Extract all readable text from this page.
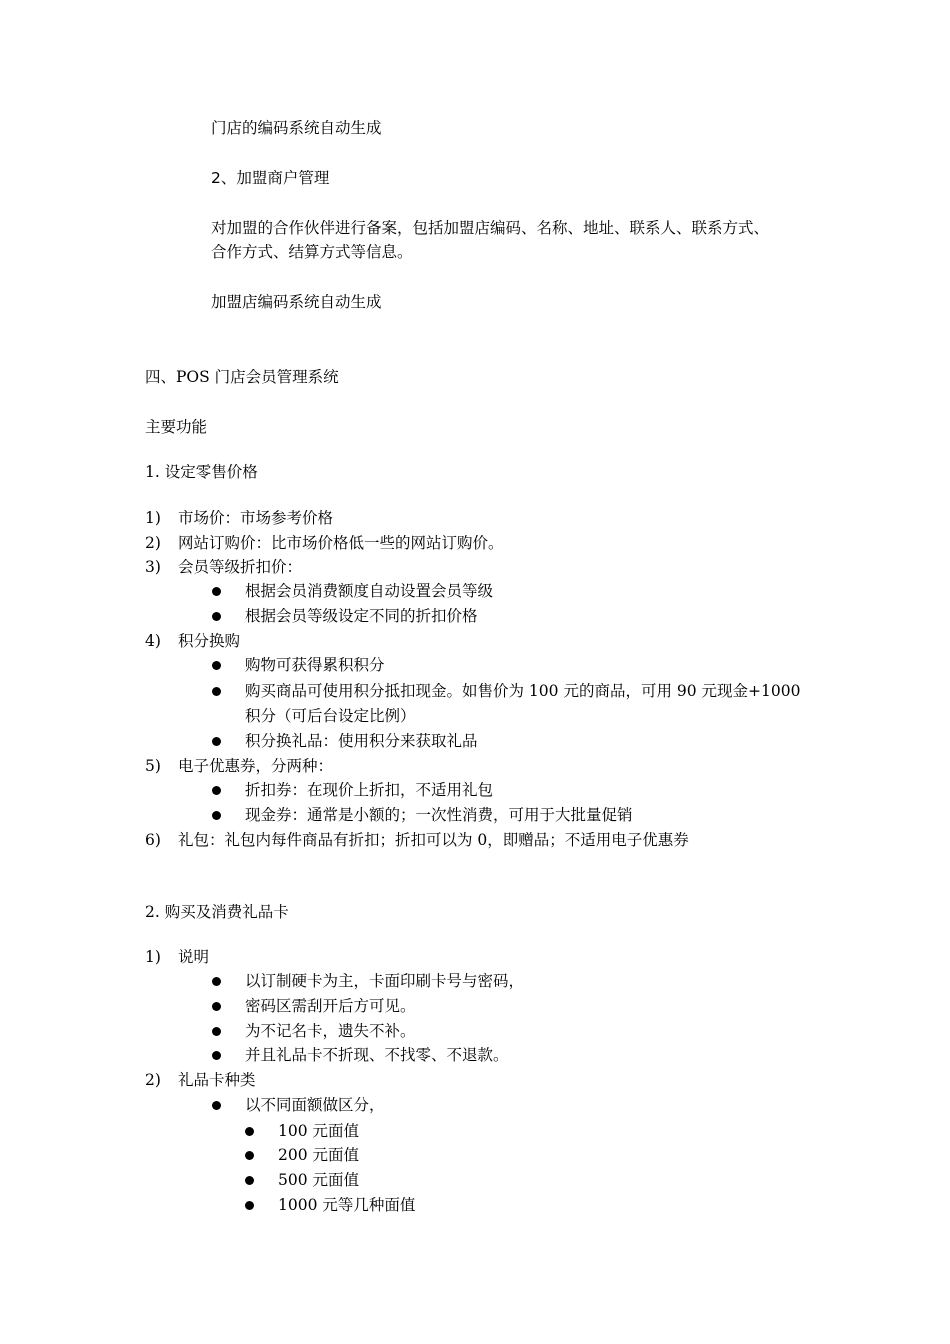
门店的编码系统自动生成
2、加盟商户管理
对加盟的合作伙伴进行备案，包括加盟店编码、名称、地址、联系人、联系方式、
合作方式、结算方式等信息。
加盟店编码系统自动生成
四、POS 门店会员管理系统
主要功能
1. 设定零售价格
1) 市场价：市场参考价格
2) 网站订购价：比市场价格低一些的网站订购价。
3) 会员等级折扣价：
根据会员消费额度自动设置会员等级
根据会员等级设定不同的折扣价格
4) 积分换购
购物可获得累积积分
购买商品可使用积分抵扣现金。如售价为 100 元的商品，可用 90 元现金+1000
积分（可后台设定比例）
积分换礼品：使用积分来获取礼品
5) 电子优惠券，分两种：
折扣券：在现价上折扣，不适用礼包
现金券：通常是小额的；一次性消费，可用于大批量促销
6) 礼包：礼包内每件商品有折扣；折扣可以为 0，即赠品；不适用电子优惠券
2. 购买及消费礼品卡
1) 说明
以订制硬卡为主，卡面印刷卡号与密码，
密码区需刮开后方可见。
为不记名卡，遗失不补。
并且礼品卡不折现、不找零、不退款。
2) 礼品卡种类
以不同面额做区分，
100 元面值
200 元面值
500 元面值
1000 元等几种面值
